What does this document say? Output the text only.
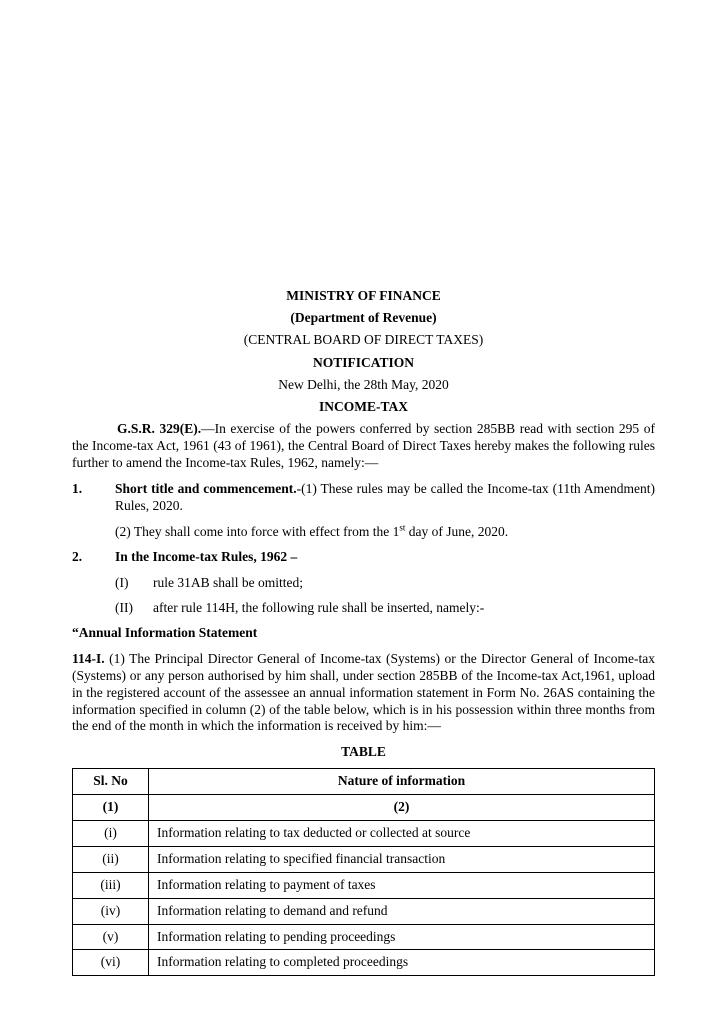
MINISTRY OF FINANCE
(Department of Revenue)
(CENTRAL BOARD OF DIRECT TAXES)
NOTIFICATION
New Delhi, the 28th May, 2020
INCOME-TAX
G.S.R. 329(E).—In exercise of the powers conferred by section 285BB read with section 295 of the Income-tax Act, 1961 (43 of 1961), the Central Board of Direct Taxes hereby makes the following rules further to amend the Income-tax Rules, 1962, namely:—
1.	Short title and commencement.-(1) These rules may be called the Income-tax (11th Amendment) Rules, 2020.
(2) They shall come into force with effect from the 1st day of June, 2020.
2.	In the Income-tax Rules, 1962 –
(I)	rule 31AB shall be omitted;
(II)	after rule 114H, the following rule shall be inserted, namely:-
“Annual Information Statement
114-I. (1) The Principal Director General of Income-tax (Systems) or the Director General of Income-tax (Systems) or any person authorised by him shall, under section 285BB of the Income-tax Act,1961, upload in the registered account of the assessee an annual information statement in Form No. 26AS containing the information specified in column (2) of the table below, which is in his possession within three months from the end of the month in which the information is received by him:—
TABLE
Sl. No	Nature of information
(1)	(2)
(i)	Information relating to tax deducted or collected at source
(ii)	Information relating to specified financial transaction
(iii)	Information relating to payment of taxes
(iv)	Information relating to demand and refund
(v)	Information relating to pending proceedings
(vi)	Information relating to completed proceedings
